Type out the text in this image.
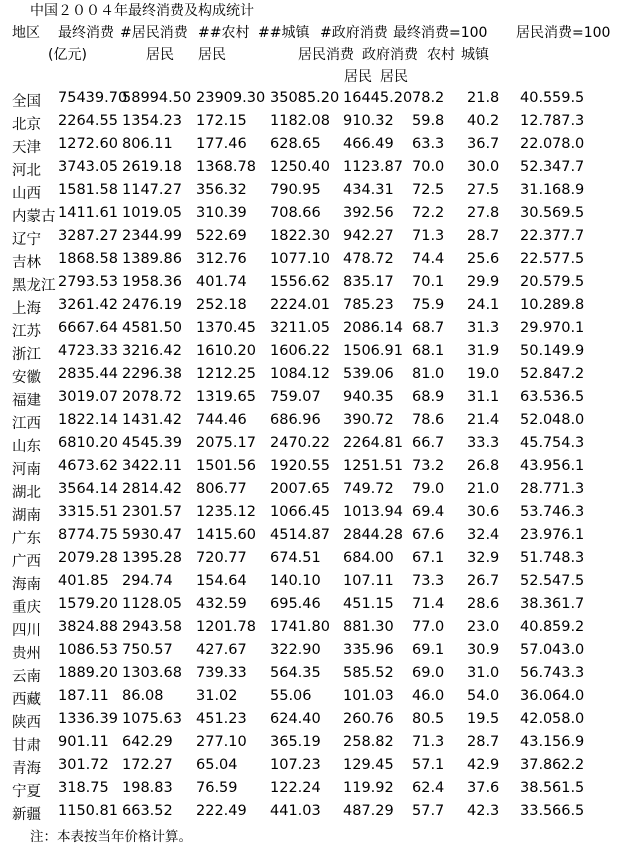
中国２００４年最终消费及构成统计
地区 最终消费 #居民消费 ##农村 ##城镇 #政府消费 最终消费=100 居民消费=100
(亿元)	居民 居民	居民消费 政府消费 农村 城镇
居民 居民
全国 75439.70
58994.50 23909.30 35085.20 16445.20 78.2 21.8 40.5 59.5
北京 2264.55 1354.23 172.15 1182.08 910.32 59.8 40.2 12.7 87.3
天津 1272.60 806.11 177.46 628.65 466.49 63.3 36.7 22.0 78.0
河北 3743.05 2619.18 1368.78 1250.40 1123.87 70.0 30.0 52.3 47.7
山西 1581.58 1147.27 356.32 790.95 434.31 72.5 27.5 31.1 68.9
内蒙古 1411.61 1019.05 310.39 708.66 392.56 72.2 27.8 30.5 69.5
辽宁 3287.27 2344.99 522.69 1822.30 942.27 71.3 28.7 22.3 77.7
吉林 1868.58 1389.86 312.76 1077.10 478.72 74.4 25.6 22.5 77.5
黑龙江 2793.53 1958.36 401.74 1556.62 835.17 70.1 29.9 20.5 79.5
上海 3261.42 2476.19 252.18 2224.01 785.23 75.9 24.1 10.2 89.8
江苏 6667.64 4581.50 1370.45 3211.05 2086.14 68.7 31.3 29.9 70.1
浙江 4723.33 3216.42 1610.20 1606.22 1506.91 68.1 31.9 50.1 49.9
安徽 2835.44 2296.38 1212.25 1084.12 539.06 81.0 19.0 52.8 47.2
福建 3019.07 2078.72 1319.65 759.07 940.35 68.9 31.1 63.5 36.5
江西 1822.14 1431.42 744.46 686.96 390.72 78.6 21.4 52.0 48.0
山东 6810.20 4545.39 2075.17 2470.22 2264.81 66.7 33.3 45.7 54.3
河南 4673.62 3422.11 1501.56 1920.55 1251.51 73.2 26.8 43.9 56.1
湖北 3564.14 2814.42 806.77 2007.65 749.72 79.0 21.0 28.7 71.3
湖南 3315.51 2301.57 1235.12 1066.45 1013.94 69.4 30.6 53.7 46.3
广东 8774.75 5930.47 1415.60 4514.87 2844.28 67.6 32.4 23.9 76.1
广西 2079.28 1395.28 720.77 674.51 684.00 67.1 32.9 51.7 48.3
海南 401.85 294.74 154.64 140.10 107.11 73.3 26.7 52.5 47.5
重庆 1579.20 1128.05 432.59 695.46 451.15 71.4 28.6 38.3 61.7
四川 3824.88 2943.58 1201.78 1741.80 881.30 77.0 23.0 40.8 59.2
贵州 1086.53 750.57 427.67 322.90 335.96 69.1 30.9 57.0 43.0
云南 1889.20 1303.68 739.33 564.35 585.52 69.0 31.0 56.7 43.3
西藏 187.11 86.08 31.02 55.06 101.03 46.0 54.0 36.0 64.0
陕西 1336.39 1075.63 451.23 624.40 260.76 80.5 19.5 42.0 58.0
甘肃 901.11 642.29 277.10 365.19 258.82 71.3 28.7 43.1 56.9
青海 301.72 172.27 65.04 107.23 129.45 57.1 42.9 37.8 62.2
宁夏 318.75 198.83 76.59 122.24 119.92 62.4 37.6 38.5 61.5
新疆 1150.81 663.52 222.49 441.03 487.29 57.7 42.3 33.5 66.5
注：本表按当年价格计算。
